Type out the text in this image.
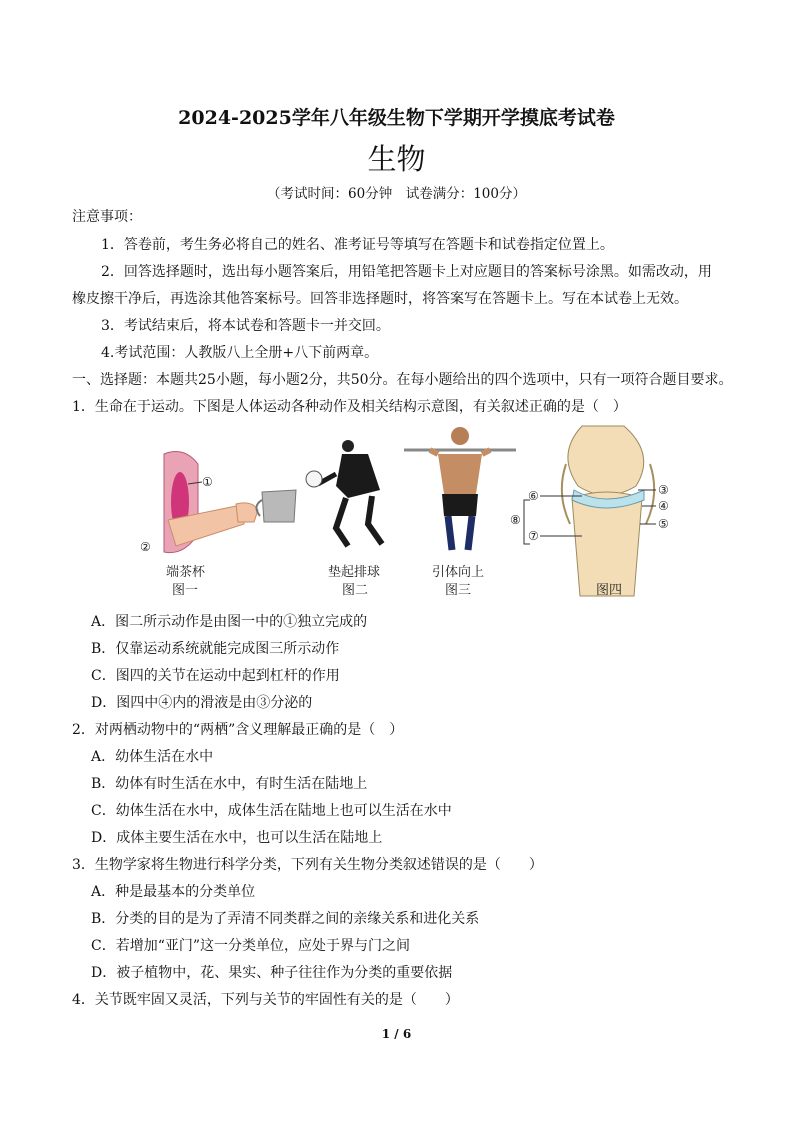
2024-2025学年八年级生物下学期开学摸底考试卷
生物
（考试时间：60分钟　试卷满分：100分）
注意事项：
1．答卷前，考生务必将自己的姓名、准考证号等填写在答题卡和试卷指定位置上。
2．回答选择题时，选出每小题答案后，用铅笔把答题卡上对应题目的答案标号涂黑。如需改动，用
橡皮擦干净后，再选涂其他答案标号。回答非选择题时，将答案写在答题卡上。写在本试卷上无效。
3．考试结束后，将本试卷和答题卡一并交回。
4.考试范围：人教版八上全册+八下前两章。
一、选择题：本题共25小题，每小题2分，共50分。在每小题给出的四个选项中，只有一项符合题目要求。
1．生命在于运动。下图是人体运动各种动作及相关结构示意图，有关叙述正确的是（　）
①
②
③
④
⑤
⑥
⑦
⑧
端茶杯
图一
垫起排球
图二
引体向上
图三	图四
A．图二所示动作是由图一中的①独立完成的
B．仅靠运动系统就能完成图三所示动作
C．图四的关节在运动中起到杠杆的作用
D．图四中④内的滑液是由③分泌的
2．对两栖动物中的“两栖”含义理解最正确的是（　）
A．幼体生活在水中
B．幼体有时生活在水中，有时生活在陆地上
C．幼体生活在水中，成体生活在陆地上也可以生活在水中
D．成体主要生活在水中，也可以生活在陆地上
3．生物学家将生物进行科学分类，下列有关生物分类叙述错误的是（　　）
A．种是最基本的分类单位
B．分类的目的是为了弄清不同类群之间的亲缘关系和进化关系
C．若增加“亚门”这一分类单位，应处于界与门之间
D．被子植物中，花、果实、种子往往作为分类的重要依据
4．关节既牢固又灵活，下列与关节的牢固性有关的是（　　）
1 / 6
